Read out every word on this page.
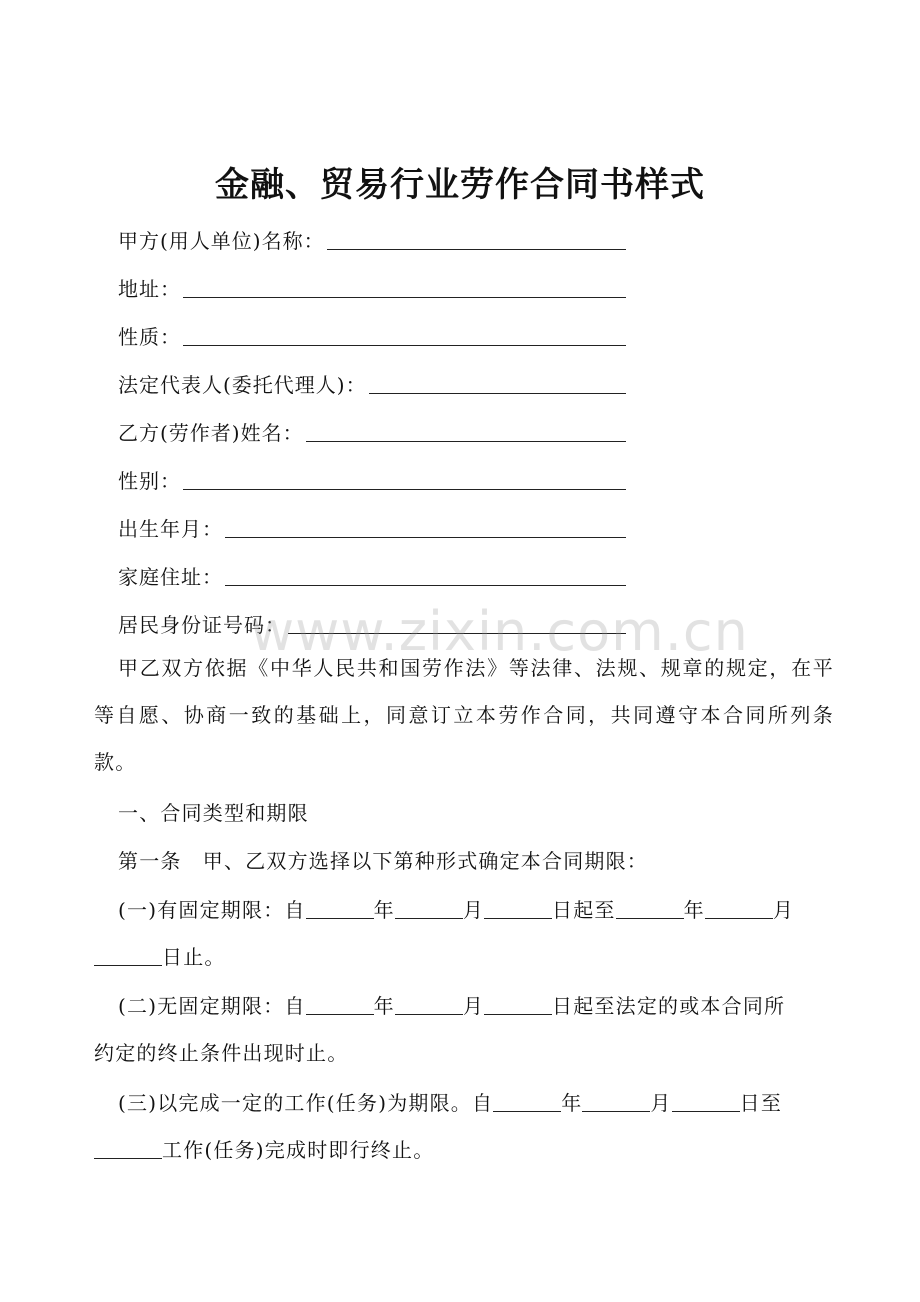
金融、贸易行业劳作合同书样式
甲方(用人单位)名称：
地址：
性质：
法定代表人(委托代理人)：
乙方(劳作者)姓名：
性别：
出生年月：
家庭住址：
居民身份证号码：
www.zixin.com.cn
甲乙双方依据《中华人民共和国劳作法》等法律、法规、规章的规定，在平等自愿、协商一致的基础上，同意订立本劳作合同，共同遵守本合同所列条款。
一、合同类型和期限
第一条　甲、乙双方选择以下第种形式确定本合同期限：
(一)有固定期限：自	年	月	日起至	年	月
日止。
(二)无固定期限：自	年	月	日起至法定的或本合同所
约定的终止条件出现时止。
(三)以完成一定的工作(任务)为期限。自	年	月	日至
工作(任务)完成时即行终止。
